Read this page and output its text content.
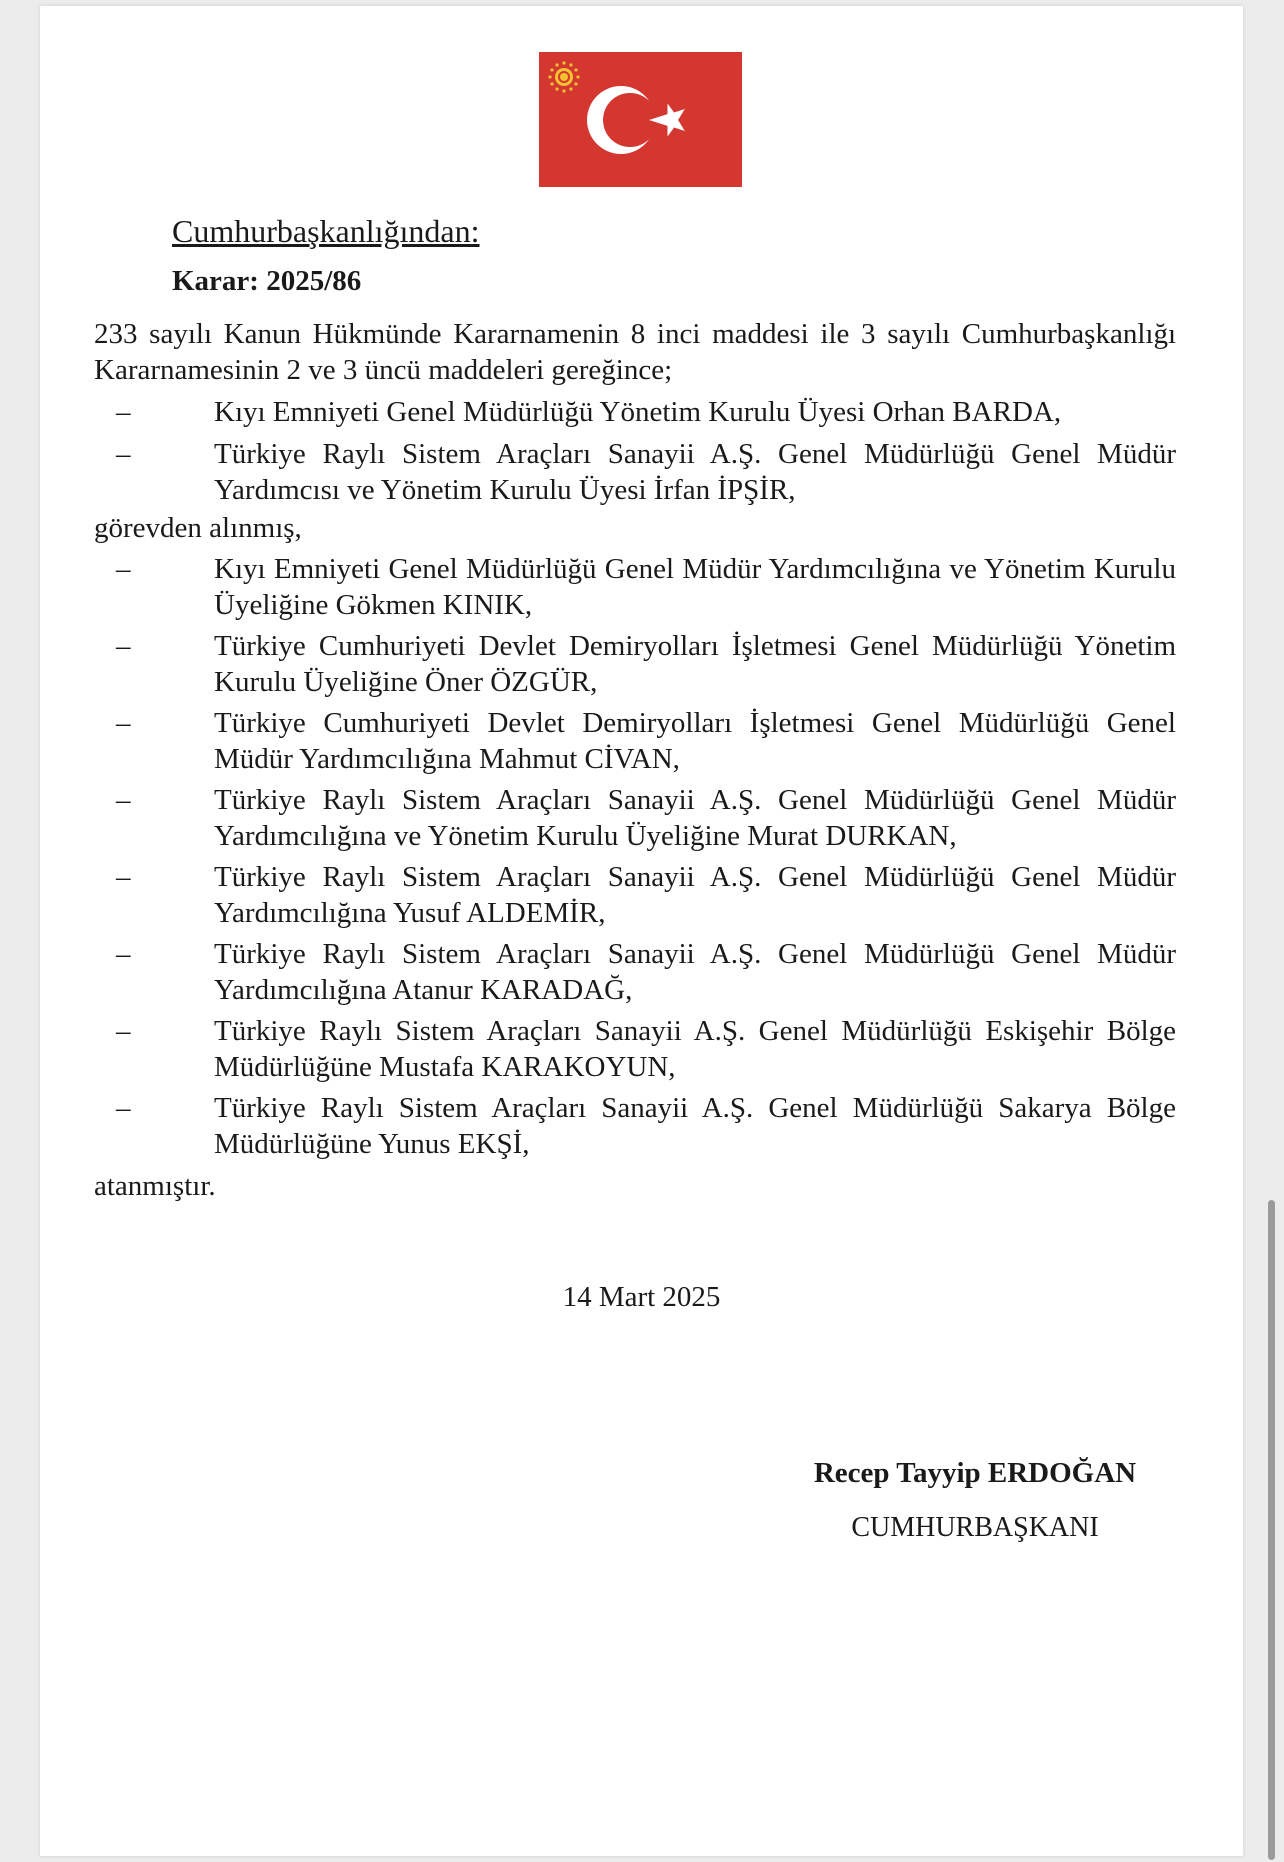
Cumhurbaşkanlığından:
Karar: 2025/86
233 sayılı Kanun Hükmünde Kararnamenin 8 inci maddesi ile 3 sayılı Cumhurbaşkanlığı
Kararnamesinin 2 ve 3 üncü maddeleri gereğince;
–	Kıyı Emniyeti Genel Müdürlüğü Yönetim Kurulu Üyesi Orhan BARDA,
–	Türkiye Raylı Sistem Araçları Sanayii A.Ş. Genel Müdürlüğü Genel Müdür Yardımcısı ve Yönetim Kurulu Üyesi İrfan İPŞİR,
görevden alınmış,
–	Kıyı Emniyeti Genel Müdürlüğü Genel Müdür Yardımcılığına ve Yönetim Kurulu Üyeliğine Gökmen KINIK,
–	Türkiye Cumhuriyeti Devlet Demiryolları İşletmesi Genel Müdürlüğü Yönetim Kurulu Üyeliğine Öner ÖZGÜR,
–	Türkiye Cumhuriyeti Devlet Demiryolları İşletmesi Genel Müdürlüğü Genel Müdür Yardımcılığına Mahmut CİVAN,
–	Türkiye Raylı Sistem Araçları Sanayii A.Ş. Genel Müdürlüğü Genel Müdür Yardımcılığına ve Yönetim Kurulu Üyeliğine Murat DURKAN,
–	Türkiye Raylı Sistem Araçları Sanayii A.Ş. Genel Müdürlüğü Genel Müdür Yardımcılığına Yusuf ALDEMİR,
–	Türkiye Raylı Sistem Araçları Sanayii A.Ş. Genel Müdürlüğü Genel Müdür Yardımcılığına Atanur KARADAĞ,
–	Türkiye Raylı Sistem Araçları Sanayii A.Ş. Genel Müdürlüğü Eskişehir Bölge Müdürlüğüne Mustafa KARAKOYUN,
–	Türkiye Raylı Sistem Araçları Sanayii A.Ş. Genel Müdürlüğü Sakarya Bölge Müdürlüğüne Yunus EKŞİ,
atanmıştır.
14 Mart 2025
Recep Tayyip ERDOĞAN
CUMHURBAŞKANI
